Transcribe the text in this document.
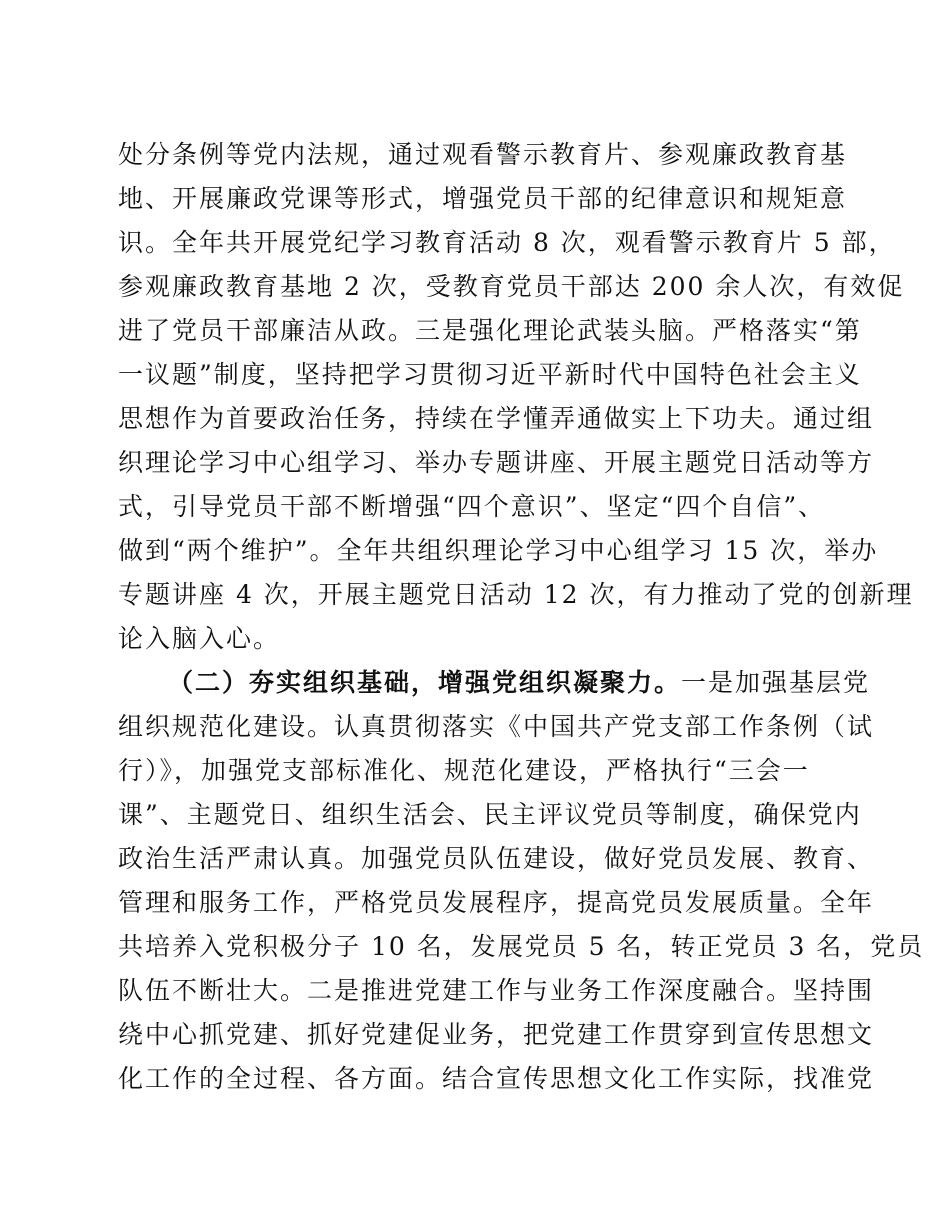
处分条例等党内法规，通过观看警示教育片、参观廉政教育基
地、开展廉政党课等形式，增强党员干部的纪律意识和规矩意
识。全年共开展党纪学习教育活动 8 次，观看警示教育片 5 部，
参观廉政教育基地 2 次，受教育党员干部达 200 余人次，有效促
进了党员干部廉洁从政。三是强化理论武装头脑。严格落实“第
一议题”制度，坚持把学习贯彻习近平新时代中国特色社会主义
思想作为首要政治任务，持续在学懂弄通做实上下功夫。通过组
织理论学习中心组学习、举办专题讲座、开展主题党日活动等方
式，引导党员干部不断增强“四个意识”、坚定“四个自信”、
做到“两个维护”。全年共组织理论学习中心组学习 15 次，举办
专题讲座 4 次，开展主题党日活动 12 次，有力推动了党的创新理
论入脑入心。
（二）夯实组织基础，增强党组织凝聚力。一是加强基层党
组织规范化建设。认真贯彻落实《中国共产党支部工作条例（试
行）》，加强党支部标准化、规范化建设，严格执行“三会一
课”、主题党日、组织生活会、民主评议党员等制度，确保党内
政治生活严肃认真。加强党员队伍建设，做好党员发展、教育、
管理和服务工作，严格党员发展程序，提高党员发展质量。全年
共培养入党积极分子 10 名，发展党员 5 名，转正党员 3 名，党员
队伍不断壮大。二是推进党建工作与业务工作深度融合。坚持围
绕中心抓党建、抓好党建促业务，把党建工作贯穿到宣传思想文
化工作的全过程、各方面。结合宣传思想文化工作实际，找准党
